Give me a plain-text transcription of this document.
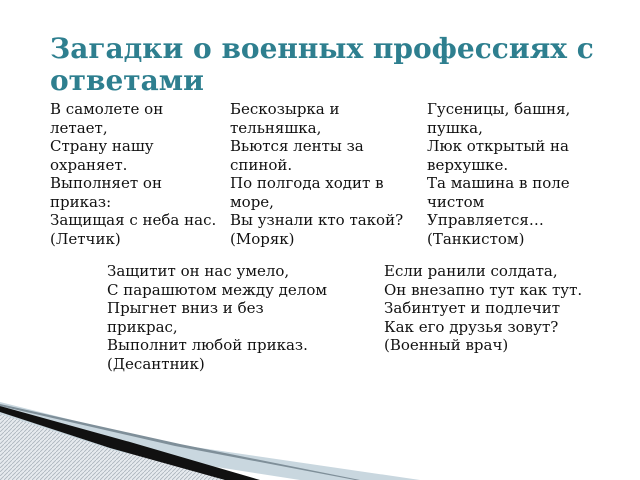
Загадки о военных профессиях с ответами

В самолете он летает,
Страну нашу охраняет.
Выполняет он приказ:
Защищая с неба нас.
(Летчик)

Бескозырка и тельняшка,
Вьются ленты за спиной.
По полгода ходит в море,
Вы узнали кто такой?
(Моряк)

Гусеницы, башня, пушка,
Люк открытый на верхушке.
Та машина в поле чистом
Управляется…
(Танкистом)

Защитит он нас умело,
С парашютом между делом
Прыгнет вниз и без прикрас,
Выполнит любой приказ.
(Десантник)

Если ранили солдата,
Он внезапно тут как тут.
Забинтует и подлечит
Как его друзья зовут?
(Военный врач)
